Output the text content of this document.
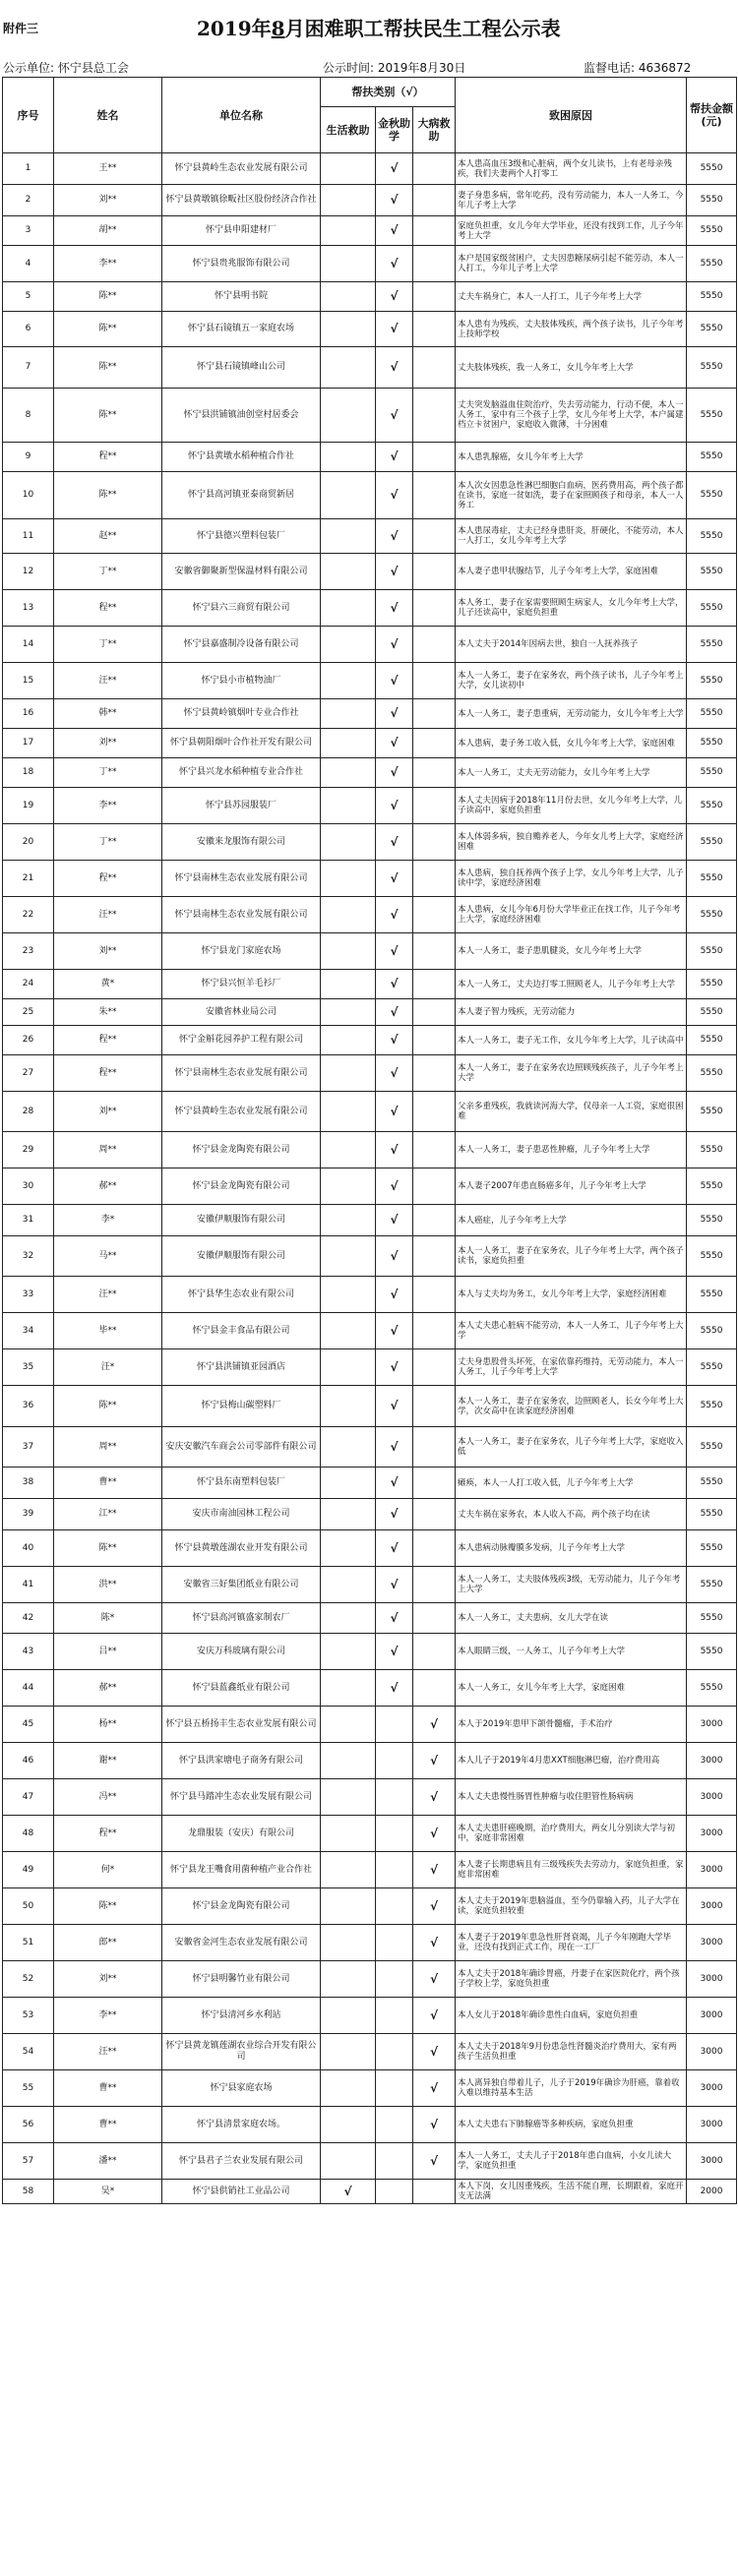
附件三	2019年8月困难职工帮扶民生工程公示表
公示单位: 怀宁县总工会	公示时间: 2019年8月30日	监督电话: 4636872
序号	姓名	单位名称	帮扶类别（√）			致困原因	帮扶金额(元)
			生活救助	金秋助学	大病救助		
1	王**	怀宁县黄岭生态农业发展有限公司		√		本人患高血压3级和心脏病，两个女儿读书，上有老母亲残疾，我们夫妻两个人打零工	5550
2	刘**	怀宁县黄墩镇徐畈社区股份经济合作社		√		妻子身患多病，常年吃药，没有劳动能力，本人一人务工，今年儿子考上大学	5550
3	胡**	怀宁县申阳建材厂		√		家庭负担重，女儿今年大学毕业，还没有找到工作，儿子今年考上大学	5550
4	李**	怀宁县贵兆服饰有限公司		√		本户是国家级贫困户，丈夫因患糖尿病引起不能劳动，本人一人打工，今年儿子考上大学	5550
5	陈**	怀宁县明书院		√		丈夫车祸身亡，本人一人打工，儿子今年考上大学	5550
6	陈**	怀宁县石镜镇五一家庭农场		√		本人患有为残疾，丈夫肢体残疾，两个孩子读书，儿子今年考上技师学校	5550
7	陈**	怀宁县石镜镇峰山公司		√		丈夫肢体残疾，我一人务工，女儿今年考上大学	5550
8	陈**	怀宁县洪铺镇油创堂村居委会		√		丈夫突发脑溢血住院治疗，失去劳动能力，行动不便，本人一人务工，家中有三个孩子上学，女儿今年考上大学，本户属建档立卡贫困户，家庭收入微薄，十分困难	5550
9	程**	怀宁县黄墩水稻种植合作社		√		本人患乳腺癌，女儿今年考上大学	5550
10	陈**	怀宁县高河镇亚泰商贸新居		√		本人次女因患急性淋巴细胞白血病，医药费用高，两个孩子都在读书，家庭一贫如洗，妻子在家照顾孩子和母亲，本人一人务工	5550
11	赵**	怀宁县德兴塑料包装厂		√		本人患尿毒症，丈夫已经身患肝炎，肝硬化，不能劳动，本人一人打工，女儿今年考上大学	5550
12	丁**	安徽省御聚新型保温材料有限公司		√		本人妻子患甲状腺结节，儿子今年考上大学，家庭困难	5550
13	程**	怀宁县六三商贸有限公司		√		本人务工，妻子在家需要照顾生病家人，女儿今年考上大学，儿子还读高中，家庭负担重	5550
14	丁**	怀宁县嘉盛制冷设备有限公司		√		本人丈夫于2014年因病去世，独自一人抚养孩子	5550
15	汪**	怀宁县小市植物油厂		√		本人一人务工，妻子在家务农，两个孩子读书，儿子今年考上大学，女儿读初中	5550
16	韩**	怀宁县黄岭镇烟叶专业合作社		√		本人一人务工，妻子患重病，无劳动能力，女儿今年考上大学	5550
17	刘**	怀宁县朝阳烟叶合作社开发有限公司		√		本人患病，妻子务工收入低，女儿今年考上大学，家庭困难	5550
18	丁**	怀宁县兴龙水稻种植专业合作社		√		本人一人务工，丈夫无劳动能力，女儿今年考上大学	5550
19	李**	怀宁县苏园服装厂		√		本人丈夫因病于2018年11月份去世，女儿今年考上大学，儿子读高中，家庭负担重	5550
20	丁**	安徽来龙服饰有限公司		√		本人体弱多病，独自赡养老人，今年女儿考上大学，家庭经济困难	5550
21	程**	怀宁县南林生态农业发展有限公司		√		本人患病，独自抚养两个孩子上学，女儿今年考上大学，儿子读中学，家庭经济困难	5550
22	汪**	怀宁县南林生态农业发展有限公司		√		本人患病，女儿今年6月份大学毕业正在找工作，儿子今年考上大学，家庭经济困难	5550
23	刘**	怀宁县龙门家庭农场		√		本人一人务工，妻子患肌腱炎，女儿今年考上大学	5550
24	黄*	怀宁县兴恒羊毛衫厂		√		本人一人务工，丈夫边打零工照顾老人，儿子今年考上大学	5550
25	朱**	安徽省林业局公司		√		本人妻子智力残疾，无劳动能力	5550
26	程**	怀宁金斛花园养护工程有限公司		√		本人一人务工，妻子无工作，女儿今年考上大学，儿子读高中	5550
27	程**	怀宁县南林生态农业发展有限公司		√		本人一人务工，妻子在家务农边照顾残疾孩子，儿子今年考上大学	5550
28	刘**	怀宁县黄岭生态农业发展有限公司		√		父亲多重残疾，我就读河海大学，仅母亲一人工资，家庭很困难	5550
29	周**	怀宁县金龙陶瓷有限公司		√		本人一人务工，妻子患恶性肿瘤，儿子今年考上大学	5550
30	郝**	怀宁县金龙陶瓷有限公司		√		本人妻子2007年患直肠癌多年，儿子今年考上大学	5550
31	李*	安徽伊顺服饰有限公司		√		本人癌症，儿子今年考上大学	5550
32	马**	安徽伊顺服饰有限公司		√		本人一人务工，妻子在家务农，儿子今年考上大学，两个孩子读书，家庭负担重	5550
33	汪**	怀宁县华生态农业有限公司		√		本人与丈夫均为务工，女儿今年考上大学，家庭经济困难	5550
34	毕**	怀宁县金丰食品有限公司		√		本人丈夫患心脏病不能劳动，本人一人务工，儿子今年考上大学	5550
35	汪*	怀宁县洪铺镇亚园酒店		√		丈夫身患股骨头坏死，在家依靠药维持，无劳动能力，本人一人务工，儿子今年考上大学	5550
36	陈**	怀宁县梅山碳塑料厂		√		本人一人务工，妻子在家务农，边照顾老人，长女今年考上大学，次女高中在读家庭经济困难	5550
37	周**	安庆安徽汽车商会公司零部件有限公司		√		本人一人务工，妻子在家务农，儿子今年考上大学，家庭收入低	5550
38	曹**	怀宁县东南塑料包装厂		√		瘫痪，本人一人打工收入低，儿子今年考上大学	5550
39	江**	安庆市南油园林工程公司		√		丈夫车祸在家务农，本人收入不高，两个孩子均在读	5550
40	陈**	怀宁县黄墩莲湖农业开发有限公司		√		本人患病动脉瓣膜多发病，儿子今年考上大学	5550
41	洪**	安徽省三好集团纸业有限公司		√		本人一人务工，丈夫肢体残疾3级，无劳动能力，儿子今年考上大学	5550
42	陈*	怀宁县高河镇盛家制农厂		√		本人一人务工，丈夫患病，女儿大学在读	5550
43	吕**	安庆万科玻璃有限公司		√		本人眼睛三级，一人务工，儿子今年考上大学	5550
44	郝**	怀宁县蓝鑫纸业有限公司		√		本人一人务工，女儿今年考上大学，家庭困难	5550
45	杨**	怀宁县五桥扬丰生态农业发展有限公司			√	本人于2019年患甲下颌骨髓瘤，手术治疗	3000
46	谢**	怀宁县洪家塘电子商务有限公司			√	本人儿子于2019年4月患XXT细胞淋巴瘤，治疗费用高	3000
47	冯**	怀宁县马踏冲生态农业发展有限公司			√	本人丈夫患慢性肠胃性肿瘤与收住胆管性肠病病	3000
48	程**	龙鼎服装（安庆）有限公司			√	本人丈夫患肝癌晚期，治疗费用大，两女儿分别读大学与初中，家庭非常困难	3000
49	何*	怀宁县龙王嘴食用菌种植产业合作社			√	本人妻子长期患病且有三级残疾失去劳动力，家庭负担重，家庭非常困难	3000
50	陈**	怀宁县金龙陶瓷有限公司			√	本人丈夫于2019年患脑溢血，至今仍靠输入药，儿子大学在读，家庭负担较重	3000
51	郎**	安徽省金河生态农业发展有限公司			√	本人妻子于2019年患急性肝肾衰竭，儿子今年刚跑大学毕业，还没有找到正式工作，现在一工厂	3000
52	刘**	怀宁县明馨竹业有限公司			√	本人丈夫于2018年确诊胃癌，丹妻子在家医院化疗，两个孩子学校上学，家庭负担重	3000
53	李**	怀宁县清河乡水利站			√	本人女儿于2018年确诊患性白血病，家庭负担重	3000
54	汪**	怀宁县黄龙镇莲湖农业综合开发有限公司			√	本人丈夫于2018年9月份患急性肾髓炎治疗费用大，家有两孩子生活负担重	3000
55	曹**	怀宁县家庭农场			√	本人离异独自带着儿子，儿子于2019年确诊为肝癌，靠着收入难以维持基本生活	3000
56	曹**	怀宁县清景家庭农场。			√	本人丈夫患右下肺腺癌等多种疾病，家庭负担重	3000
57	潘**	怀宁县君子兰农业发展有限公司			√	本人一人务工，丈夫儿子于2018年患白血病，小女儿读大学，家庭负担重	3000
58	吴*	怀宁县供销社工业品公司	√			本人下岗，女儿因重残疾，生活不能自理，长期跟着，家庭开支无法满	2000
